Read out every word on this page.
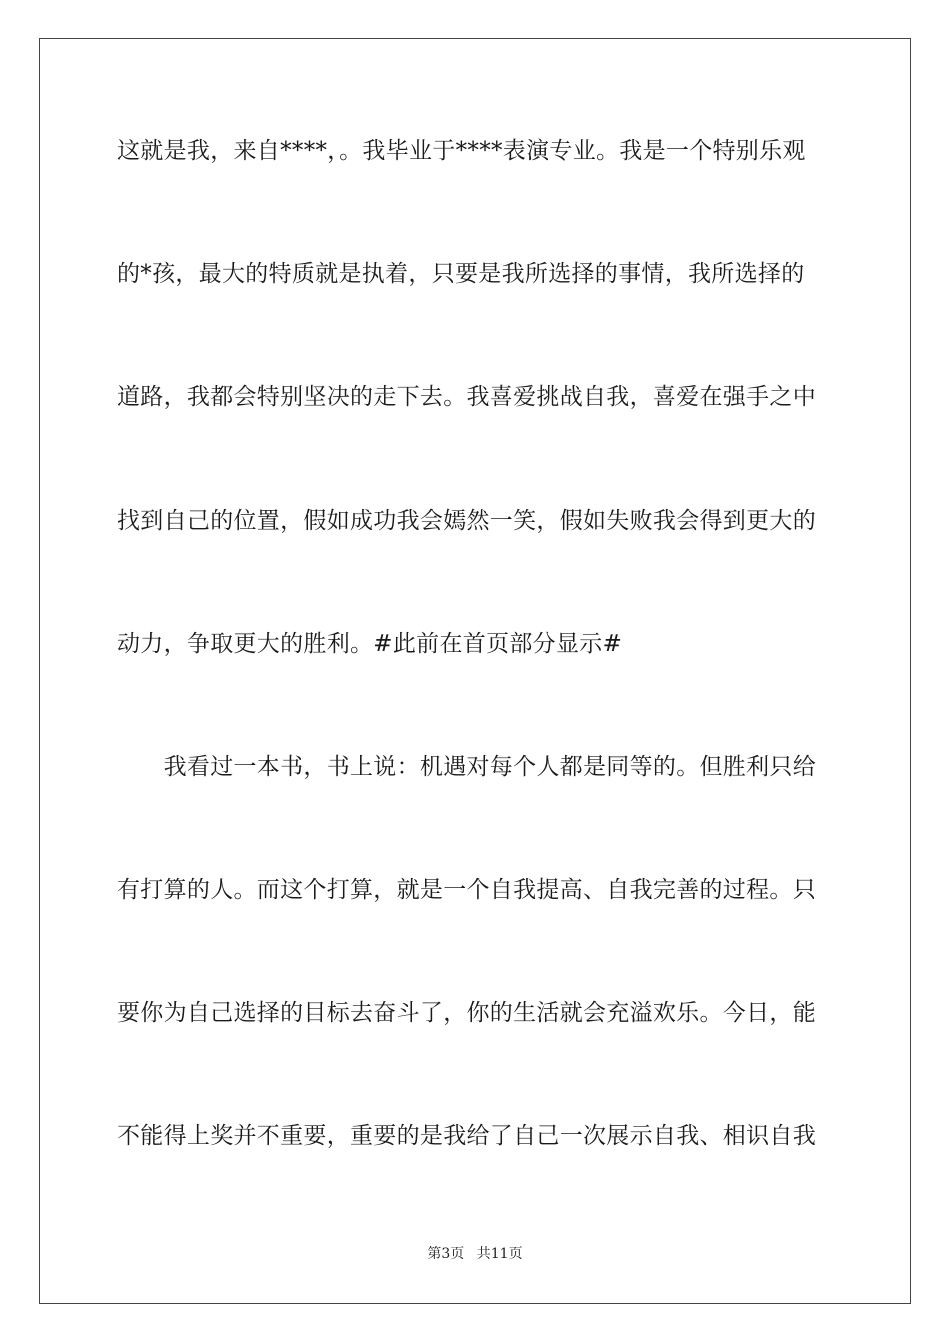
这就是我，来自****，。我毕业于****表演专业。我是一个特别乐观
的*孩，最大的特质就是执着，只要是我所选择的事情，我所选择的
道路，我都会特别坚决的走下去。我喜爱挑战自我，喜爱在强手之中
找到自己的位置，假如成功我会嫣然一笑，假如失败我会得到更大的
动力，争取更大的胜利。#此前在首页部分显示#
　　我看过一本书，书上说：机遇对每个人都是同等的。但胜利只给
有打算的人。而这个打算，就是一个自我提高、自我完善的过程。只
要你为自己选择的目标去奋斗了，你的生活就会充溢欢乐。今日，能
不能得上奖并不重要，重要的是我给了自己一次展示自我、相识自我
第3页 共11页
